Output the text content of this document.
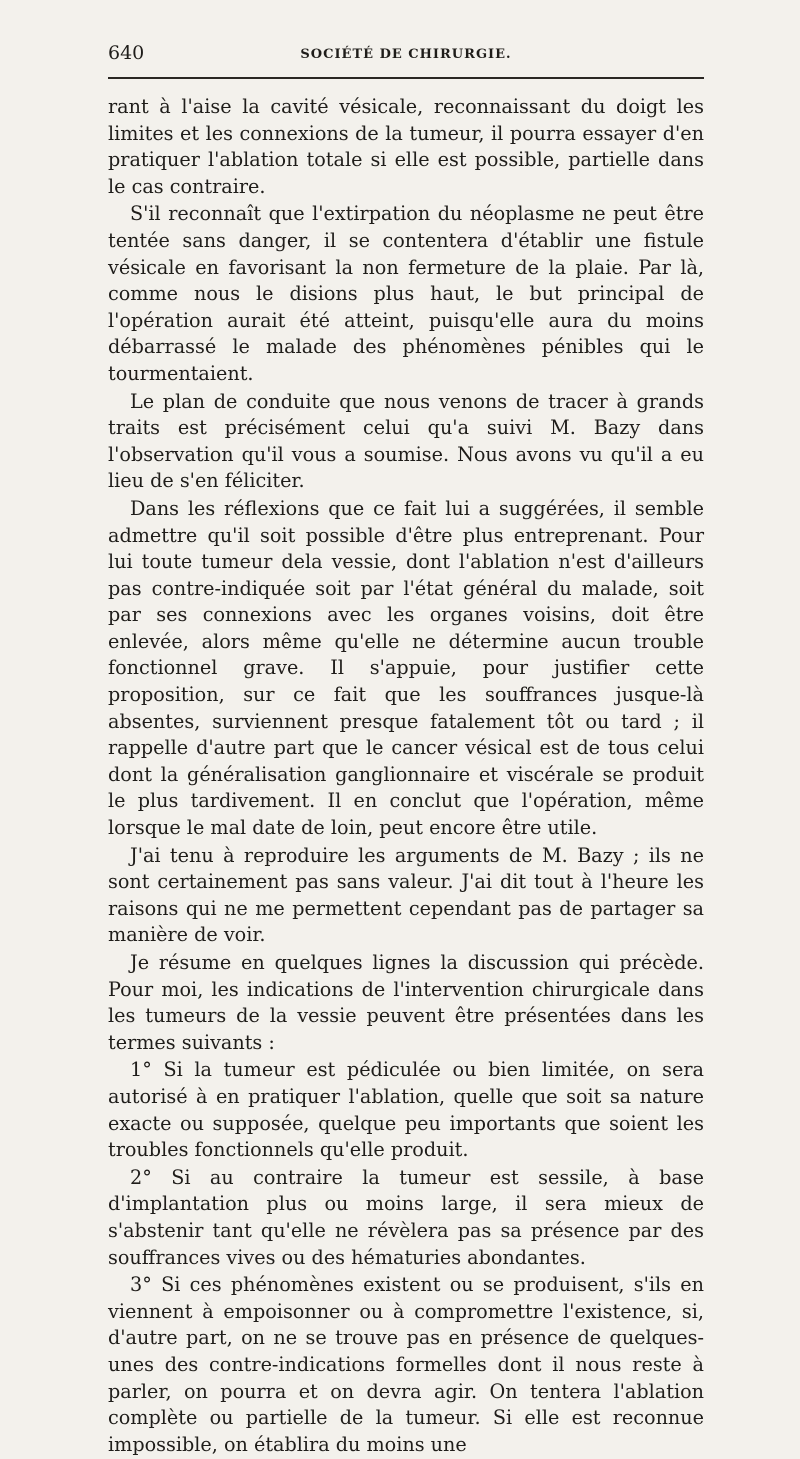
640	SOCIÉTÉ DE CHIRURGIE.

rant à l'aise la cavité vésicale, reconnaissant du doigt les limites et les connexions de la tumeur, il pourra essayer d'en pratiquer l'ablation totale si elle est possible, partielle dans le cas contraire.

S'il reconnaît que l'extirpation du néoplasme ne peut être tentée sans danger, il se contentera d'établir une fistule vésicale en favorisant la non fermeture de la plaie. Par là, comme nous le disions plus haut, le but principal de l'opération aurait été atteint, puisqu'elle aura du moins débarrassé le malade des phénomènes pénibles qui le tourmentaient.

Le plan de conduite que nous venons de tracer à grands traits est précisément celui qu'a suivi M. Bazy dans l'observation qu'il vous a soumise. Nous avons vu qu'il a eu lieu de s'en féliciter.

Dans les réflexions que ce fait lui a suggérées, il semble admettre qu'il soit possible d'être plus entreprenant. Pour lui toute tumeur dela vessie, dont l'ablation n'est d'ailleurs pas contre-indiquée soit par l'état général du malade, soit par ses connexions avec les organes voisins, doit être enlevée, alors même qu'elle ne détermine aucun trouble fonctionnel grave. Il s'appuie, pour justifier cette proposition, sur ce fait que les souffrances jusque-là absentes, surviennent presque fatalement tôt ou tard ; il rappelle d'autre part que le cancer vésical est de tous celui dont la généralisation ganglionnaire et viscérale se produit le plus tardivement. Il en conclut que l'opération, même lorsque le mal date de loin, peut encore être utile.

J'ai tenu à reproduire les arguments de M. Bazy ; ils ne sont certainement pas sans valeur. J'ai dit tout à l'heure les raisons qui ne me permettent cependant pas de partager sa manière de voir.

Je résume en quelques lignes la discussion qui précède. Pour moi, les indications de l'intervention chirurgicale dans les tumeurs de la vessie peuvent être présentées dans les termes suivants :

1° Si la tumeur est pédiculée ou bien limitée, on sera autorisé à en pratiquer l'ablation, quelle que soit sa nature exacte ou supposée, quelque peu importants que soient les troubles fonctionnels qu'elle produit.

2° Si au contraire la tumeur est sessile, à base d'implantation plus ou moins large, il sera mieux de s'abstenir tant qu'elle ne révèlera pas sa présence par des souffrances vives ou des hématuries abondantes.

3° Si ces phénomènes existent ou se produisent, s'ils en viennent à empoisonner ou à compromettre l'existence, si, d'autre part, on ne se trouve pas en présence de quelques-unes des contre-indications formelles dont il nous reste à parler, on pourra et on devra agir. On tentera l'ablation complète ou partielle de la tumeur. Si elle est reconnue impossible, on établira du moins une
